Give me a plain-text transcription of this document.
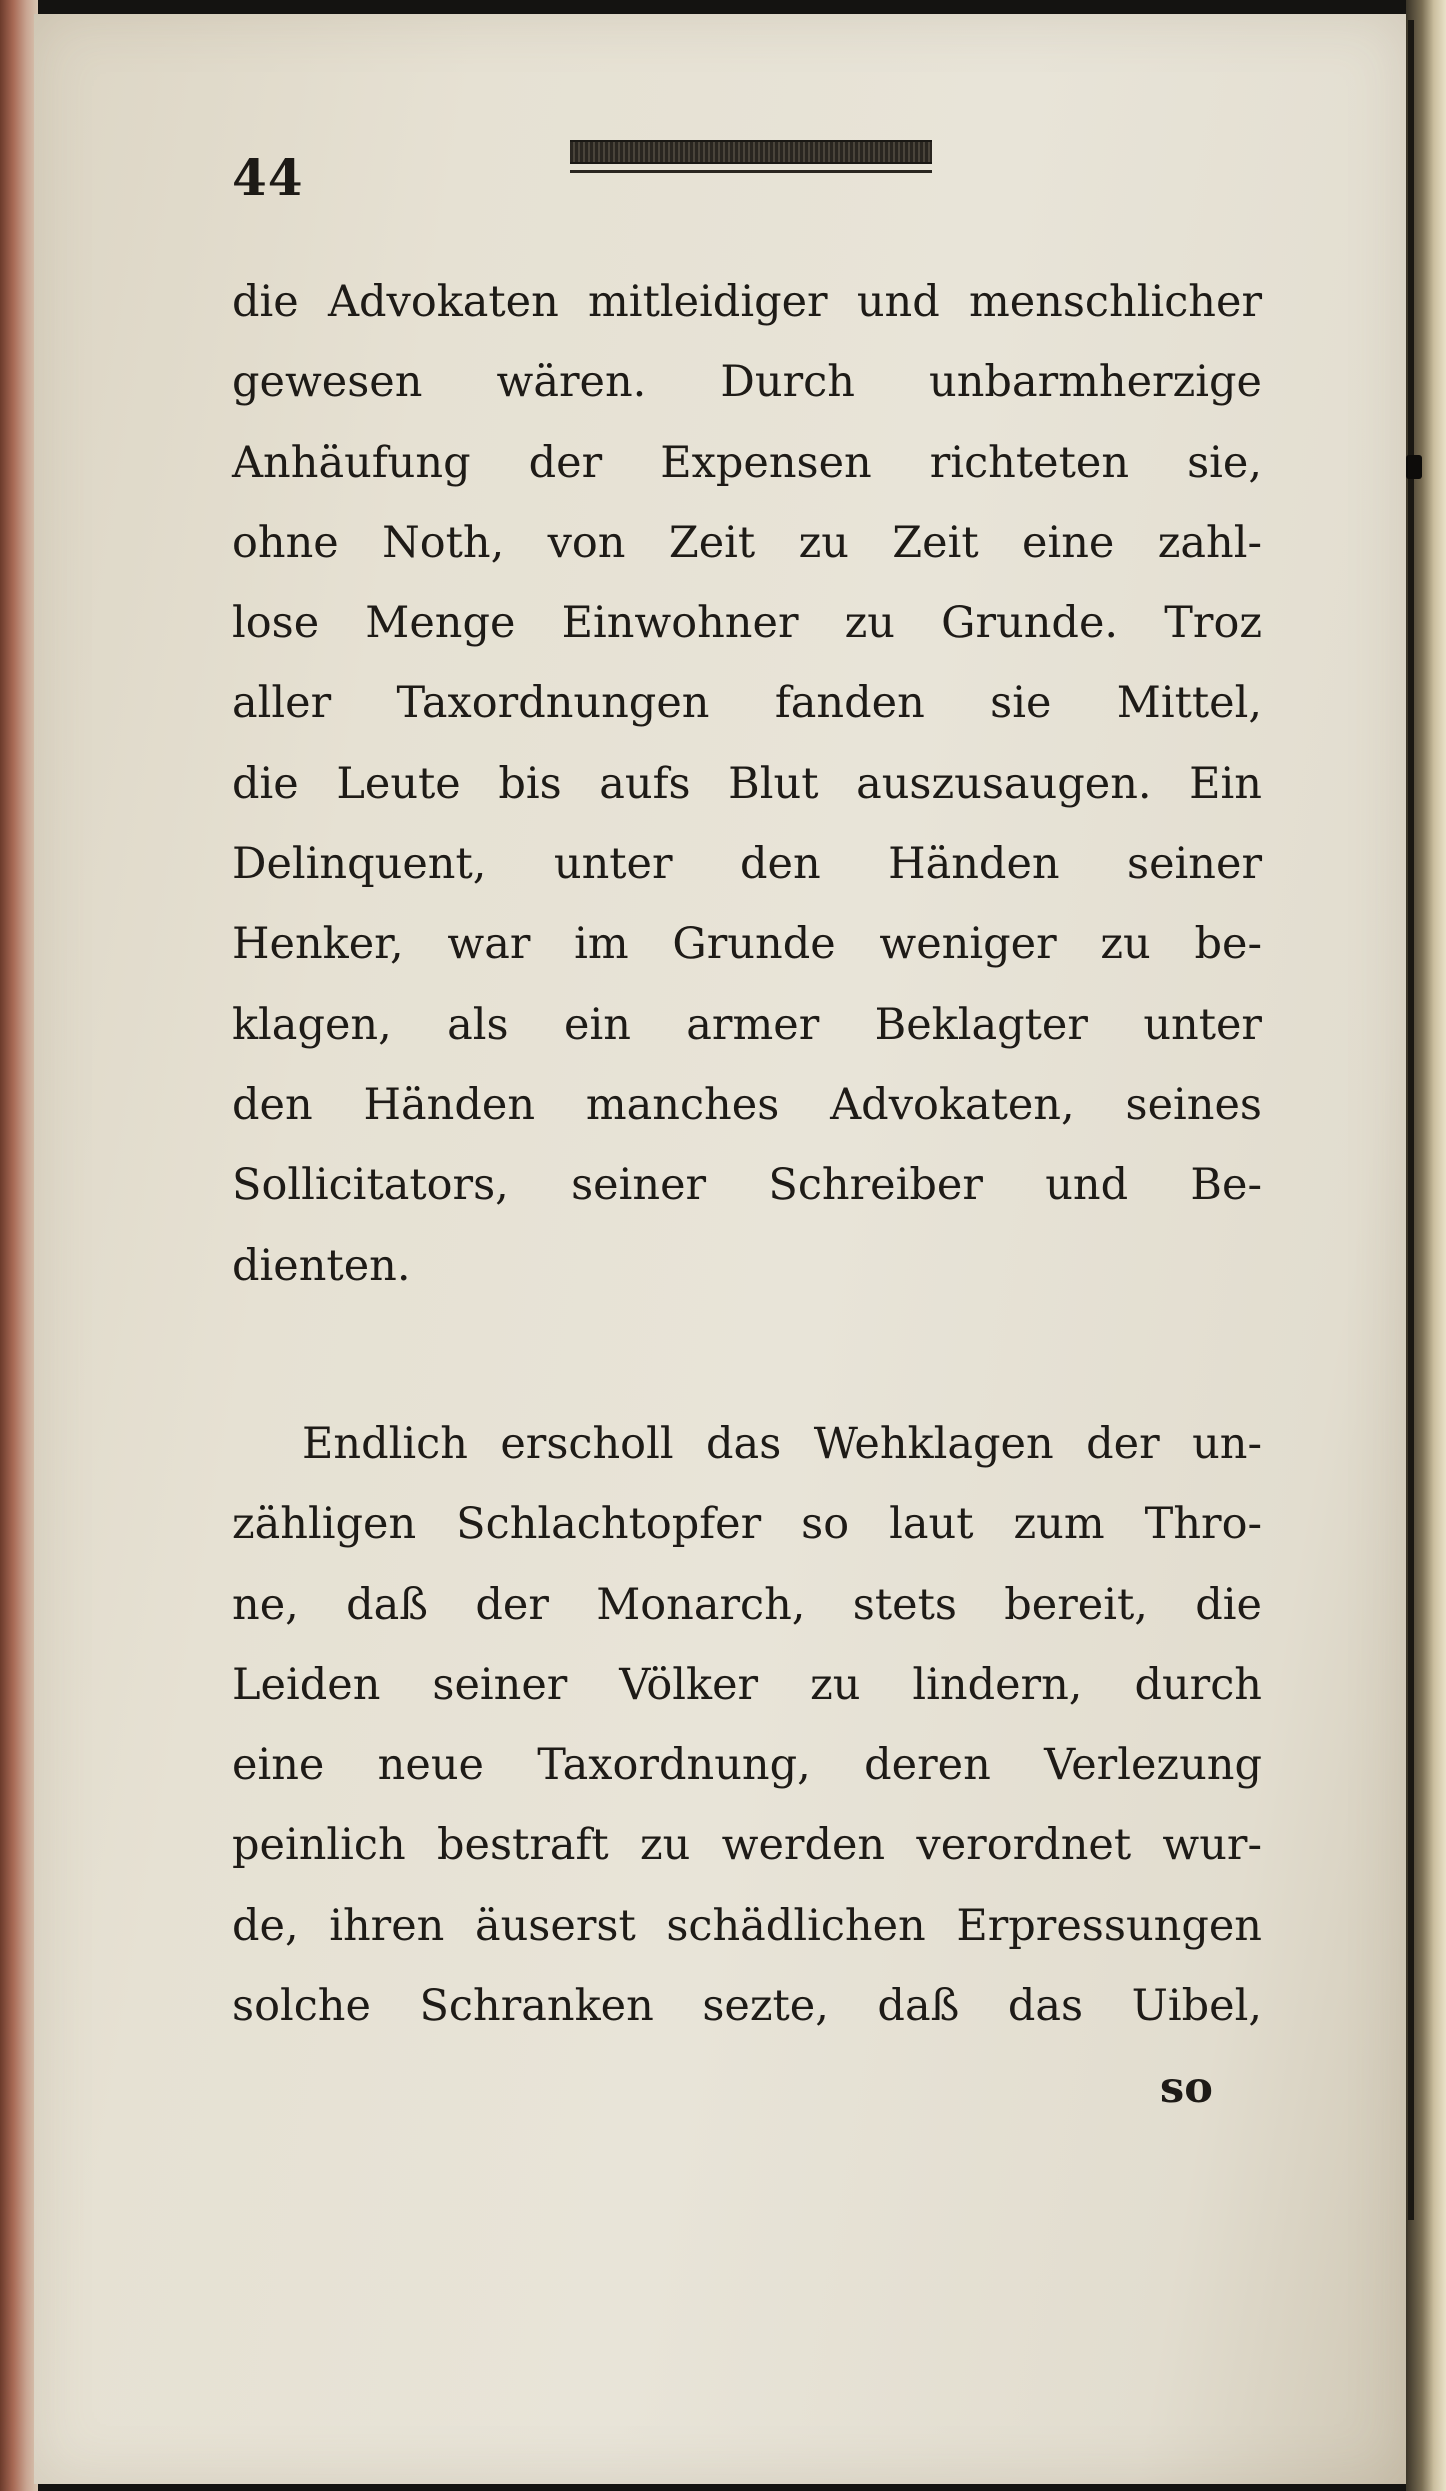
44
die Advokaten mitleidiger und menschlicher
gewesen wären. Durch unbarmherzige
Anhäufung der Expensen richteten sie,
ohne Noth, von Zeit zu Zeit eine zahl-
lose Menge Einwohner zu Grunde. Troz
aller Taxordnungen fanden sie Mittel,
die Leute bis aufs Blut auszusaugen. Ein
Delinquent, unter den Händen seiner
Henker, war im Grunde weniger zu be-
klagen, als ein armer Beklagter unter
den Händen manches Advokaten, seines
Sollicitators, seiner Schreiber und Be-
dienten.
Endlich erscholl das Wehklagen der un-
zähligen Schlachtopfer so laut zum Thro-
ne, daß der Monarch, stets bereit, die
Leiden seiner Völker zu lindern, durch
eine neue Taxordnung, deren Verlezung
peinlich bestraft zu werden verordnet wur-
de, ihren äuserst schädlichen Erpressungen
solche Schranken sezte, daß das Uibel,
so
